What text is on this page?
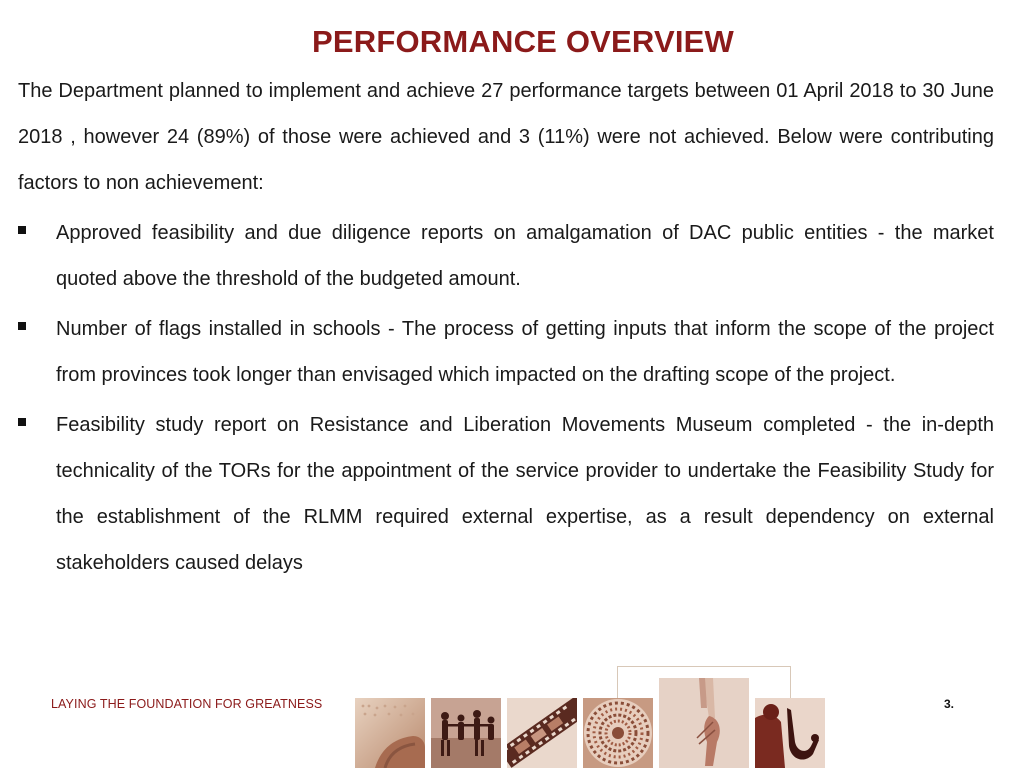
PERFORMANCE OVERVIEW
The Department planned to implement and achieve 27 performance targets between 01 April 2018 to 30 June 2018 , however 24 (89%) of those were achieved and 3 (11%) were not achieved. Below were contributing factors to non achievement:
Approved feasibility and due diligence reports on amalgamation of DAC public entities - the market quoted above the threshold of the budgeted amount.
Number of flags installed in schools - The process of getting inputs that inform the scope of the project from provinces took longer than envisaged which impacted on the drafting scope of the project.
Feasibility study report on Resistance and Liberation Movements Museum completed - the in-depth technicality of the TORs for the appointment of the service provider to undertake the Feasibility Study for the establishment of the RLMM required external expertise, as a result dependency on external stakeholders caused delays
LAYING THE FOUNDATION FOR GREATNESS	3.
